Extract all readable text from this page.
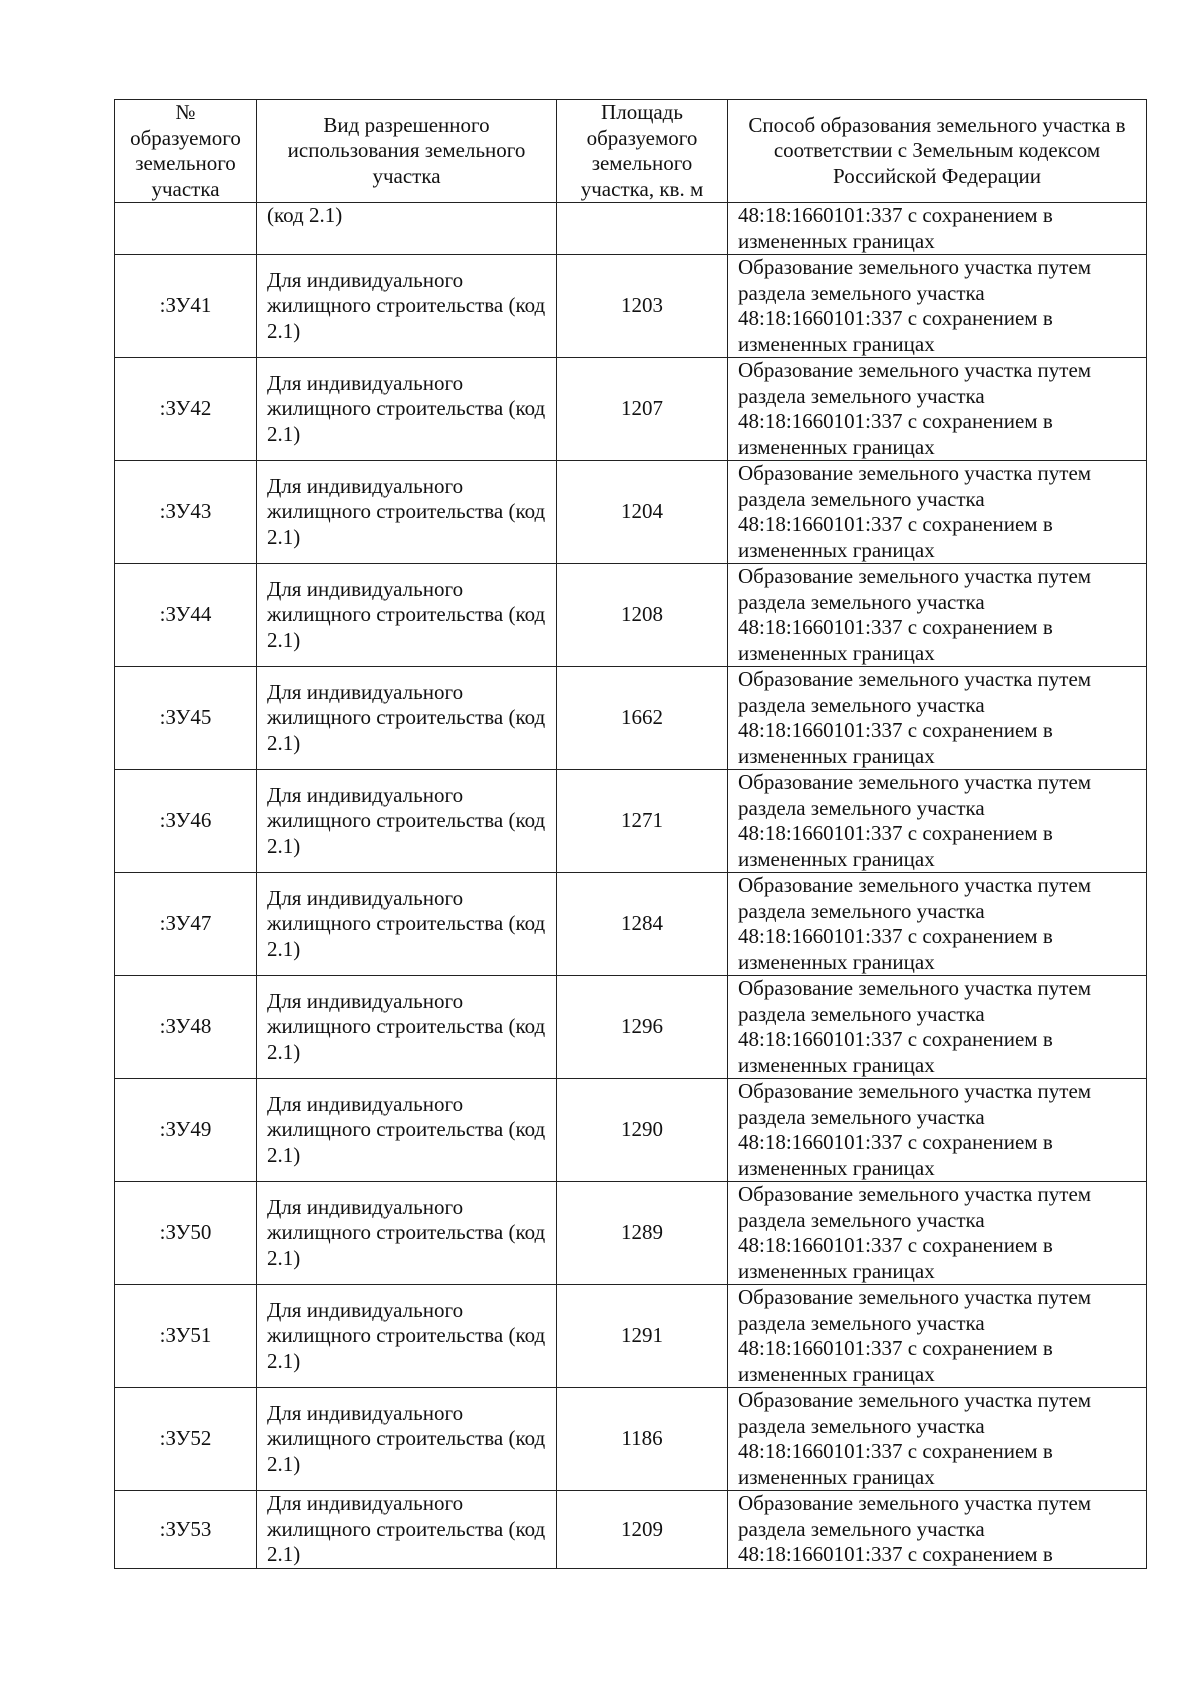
№ образуемого земельного участка	Вид разрешенного использования земельного участка	Площадь образуемого земельного участка, кв. м	Способ образования земельного участка в соответствии с Земельным кодексом Российской Федерации
	(код 2.1)		48:18:1660101:337 с сохранением в измененных границах
:ЗУ41	Для индивидуального жилищного строительства (код 2.1)	1203	Образование земельного участка путем раздела земельного участка 48:18:1660101:337 с сохранением в измененных границах
:ЗУ42	Для индивидуального жилищного строительства (код 2.1)	1207	Образование земельного участка путем раздела земельного участка 48:18:1660101:337 с сохранением в измененных границах
:ЗУ43	Для индивидуального жилищного строительства (код 2.1)	1204	Образование земельного участка путем раздела земельного участка 48:18:1660101:337 с сохранением в измененных границах
:ЗУ44	Для индивидуального жилищного строительства (код 2.1)	1208	Образование земельного участка путем раздела земельного участка 48:18:1660101:337 с сохранением в измененных границах
:ЗУ45	Для индивидуального жилищного строительства (код 2.1)	1662	Образование земельного участка путем раздела земельного участка 48:18:1660101:337 с сохранением в измененных границах
:ЗУ46	Для индивидуального жилищного строительства (код 2.1)	1271	Образование земельного участка путем раздела земельного участка 48:18:1660101:337 с сохранением в измененных границах
:ЗУ47	Для индивидуального жилищного строительства (код 2.1)	1284	Образование земельного участка путем раздела земельного участка 48:18:1660101:337 с сохранением в измененных границах
:ЗУ48	Для индивидуального жилищного строительства (код 2.1)	1296	Образование земельного участка путем раздела земельного участка 48:18:1660101:337 с сохранением в измененных границах
:ЗУ49	Для индивидуального жилищного строительства (код 2.1)	1290	Образование земельного участка путем раздела земельного участка 48:18:1660101:337 с сохранением в измененных границах
:ЗУ50	Для индивидуального жилищного строительства (код 2.1)	1289	Образование земельного участка путем раздела земельного участка 48:18:1660101:337 с сохранением в измененных границах
:ЗУ51	Для индивидуального жилищного строительства (код 2.1)	1291	Образование земельного участка путем раздела земельного участка 48:18:1660101:337 с сохранением в измененных границах
:ЗУ52	Для индивидуального жилищного строительства (код 2.1)	1186	Образование земельного участка путем раздела земельного участка 48:18:1660101:337 с сохранением в измененных границах
:ЗУ53	Для индивидуального жилищного строительства (код 2.1)	1209	Образование земельного участка путем раздела земельного участка 48:18:1660101:337 с сохранением в
